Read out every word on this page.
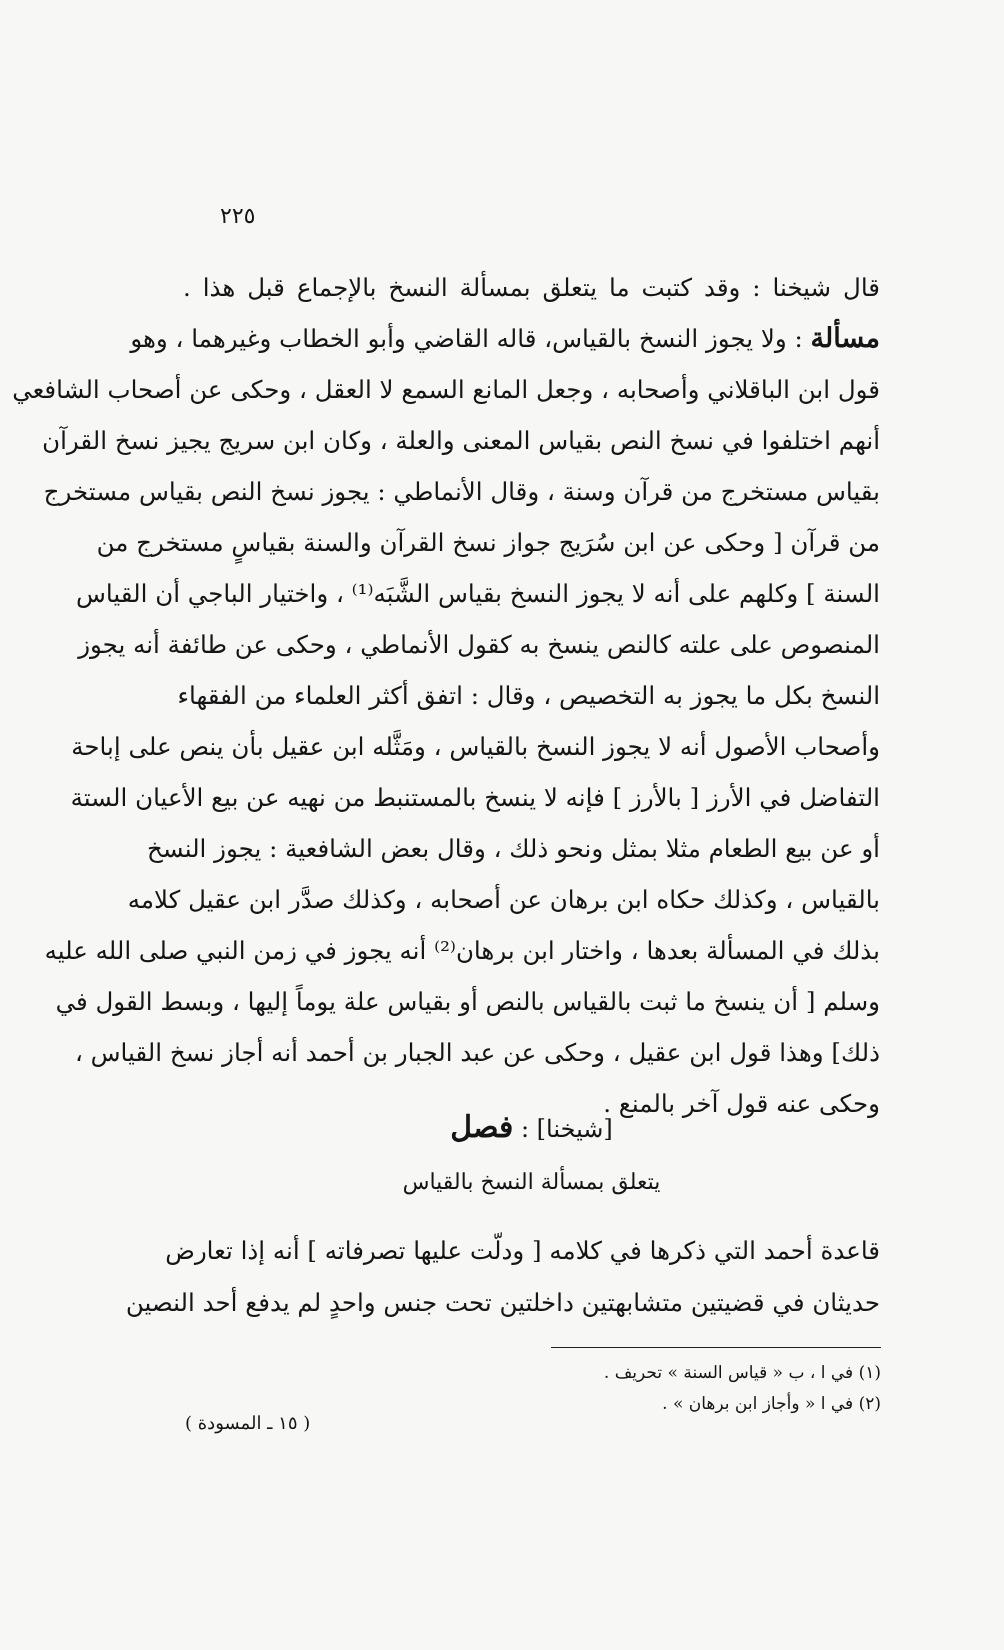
٢٢٥
قال شيخنا : وقد كتبت ما يتعلق بمسألة النسخ بالإجماع قبل هذا .
مسألة : ولا يجوز النسخ بالقياس، قاله القاضي وأبو الخطاب وغيرهما ، وهو
قول ابن الباقلاني وأصحابه ، وجعل المانع السمع لا العقل ، وحكى عن أصحاب الشافعي
أنهم اختلفوا في نسخ النص بقياس المعنى والعلة ، وكان ابن سريج يجيز نسخ القرآن
بقياس مستخرج من قرآن وسنة ، وقال الأنماطي : يجوز نسخ النص بقياس مستخرج
من قرآن [ وحكى عن ابن سُرَيج جواز نسخ القرآن والسنة بقياسٍ مستخرج من
السنة ] وكلهم على أنه لا يجوز النسخ بقياس الشَّبَه⁽¹⁾ ، واختيار الباجي أن القياس
المنصوص على علته كالنص ينسخ به كقول الأنماطي ، وحكى عن طائفة أنه يجوز
النسخ بكل ما يجوز به التخصيص ، وقال : اتفق أكثر العلماء من الفقهاء
وأصحاب الأصول أنه لا يجوز النسخ بالقياس ، ومَثَّله ابن عقيل بأن ينص على إباحة
التفاضل في الأرز [ بالأرز ] فإنه لا ينسخ بالمستنبط من نهيه عن بيع الأعيان الستة
أو عن بيع الطعام مثلا بمثل ونحو ذلك ، وقال بعض الشافعية : يجوز النسخ
بالقياس ، وكذلك حكاه ابن برهان عن أصحابه ، وكذلك صدَّر ابن عقيل كلامه
بذلك في المسألة بعدها ، واختار ابن برهان⁽²⁾ أنه يجوز في زمن النبي صلى الله عليه
وسلم [ أن ينسخ ما ثبت بالقياس بالنص أو بقياس علة يوماً إليها ، وبسط القول في
ذلك] وهذا قول ابن عقيل ، وحكى عن عبد الجبار بن أحمد أنه أجاز نسخ القياس ،
وحكى عنه قول آخر بالمنع .
[شيخنا] : فصل
يتعلق بمسألة النسخ بالقياس
قاعدة أحمد التي ذكرها في كلامه [ ودلّت عليها تصرفاته ] أنه إذا تعارض
حديثان في قضيتين متشابهتين داخلتين تحت جنس واحدٍ لم يدفع أحد النصين
(١) في ا ، ب « قياس السنة » تحريف .
(٢) في ا « وأجاز ابن برهان » .
( ١٥ ـ المسودة )
